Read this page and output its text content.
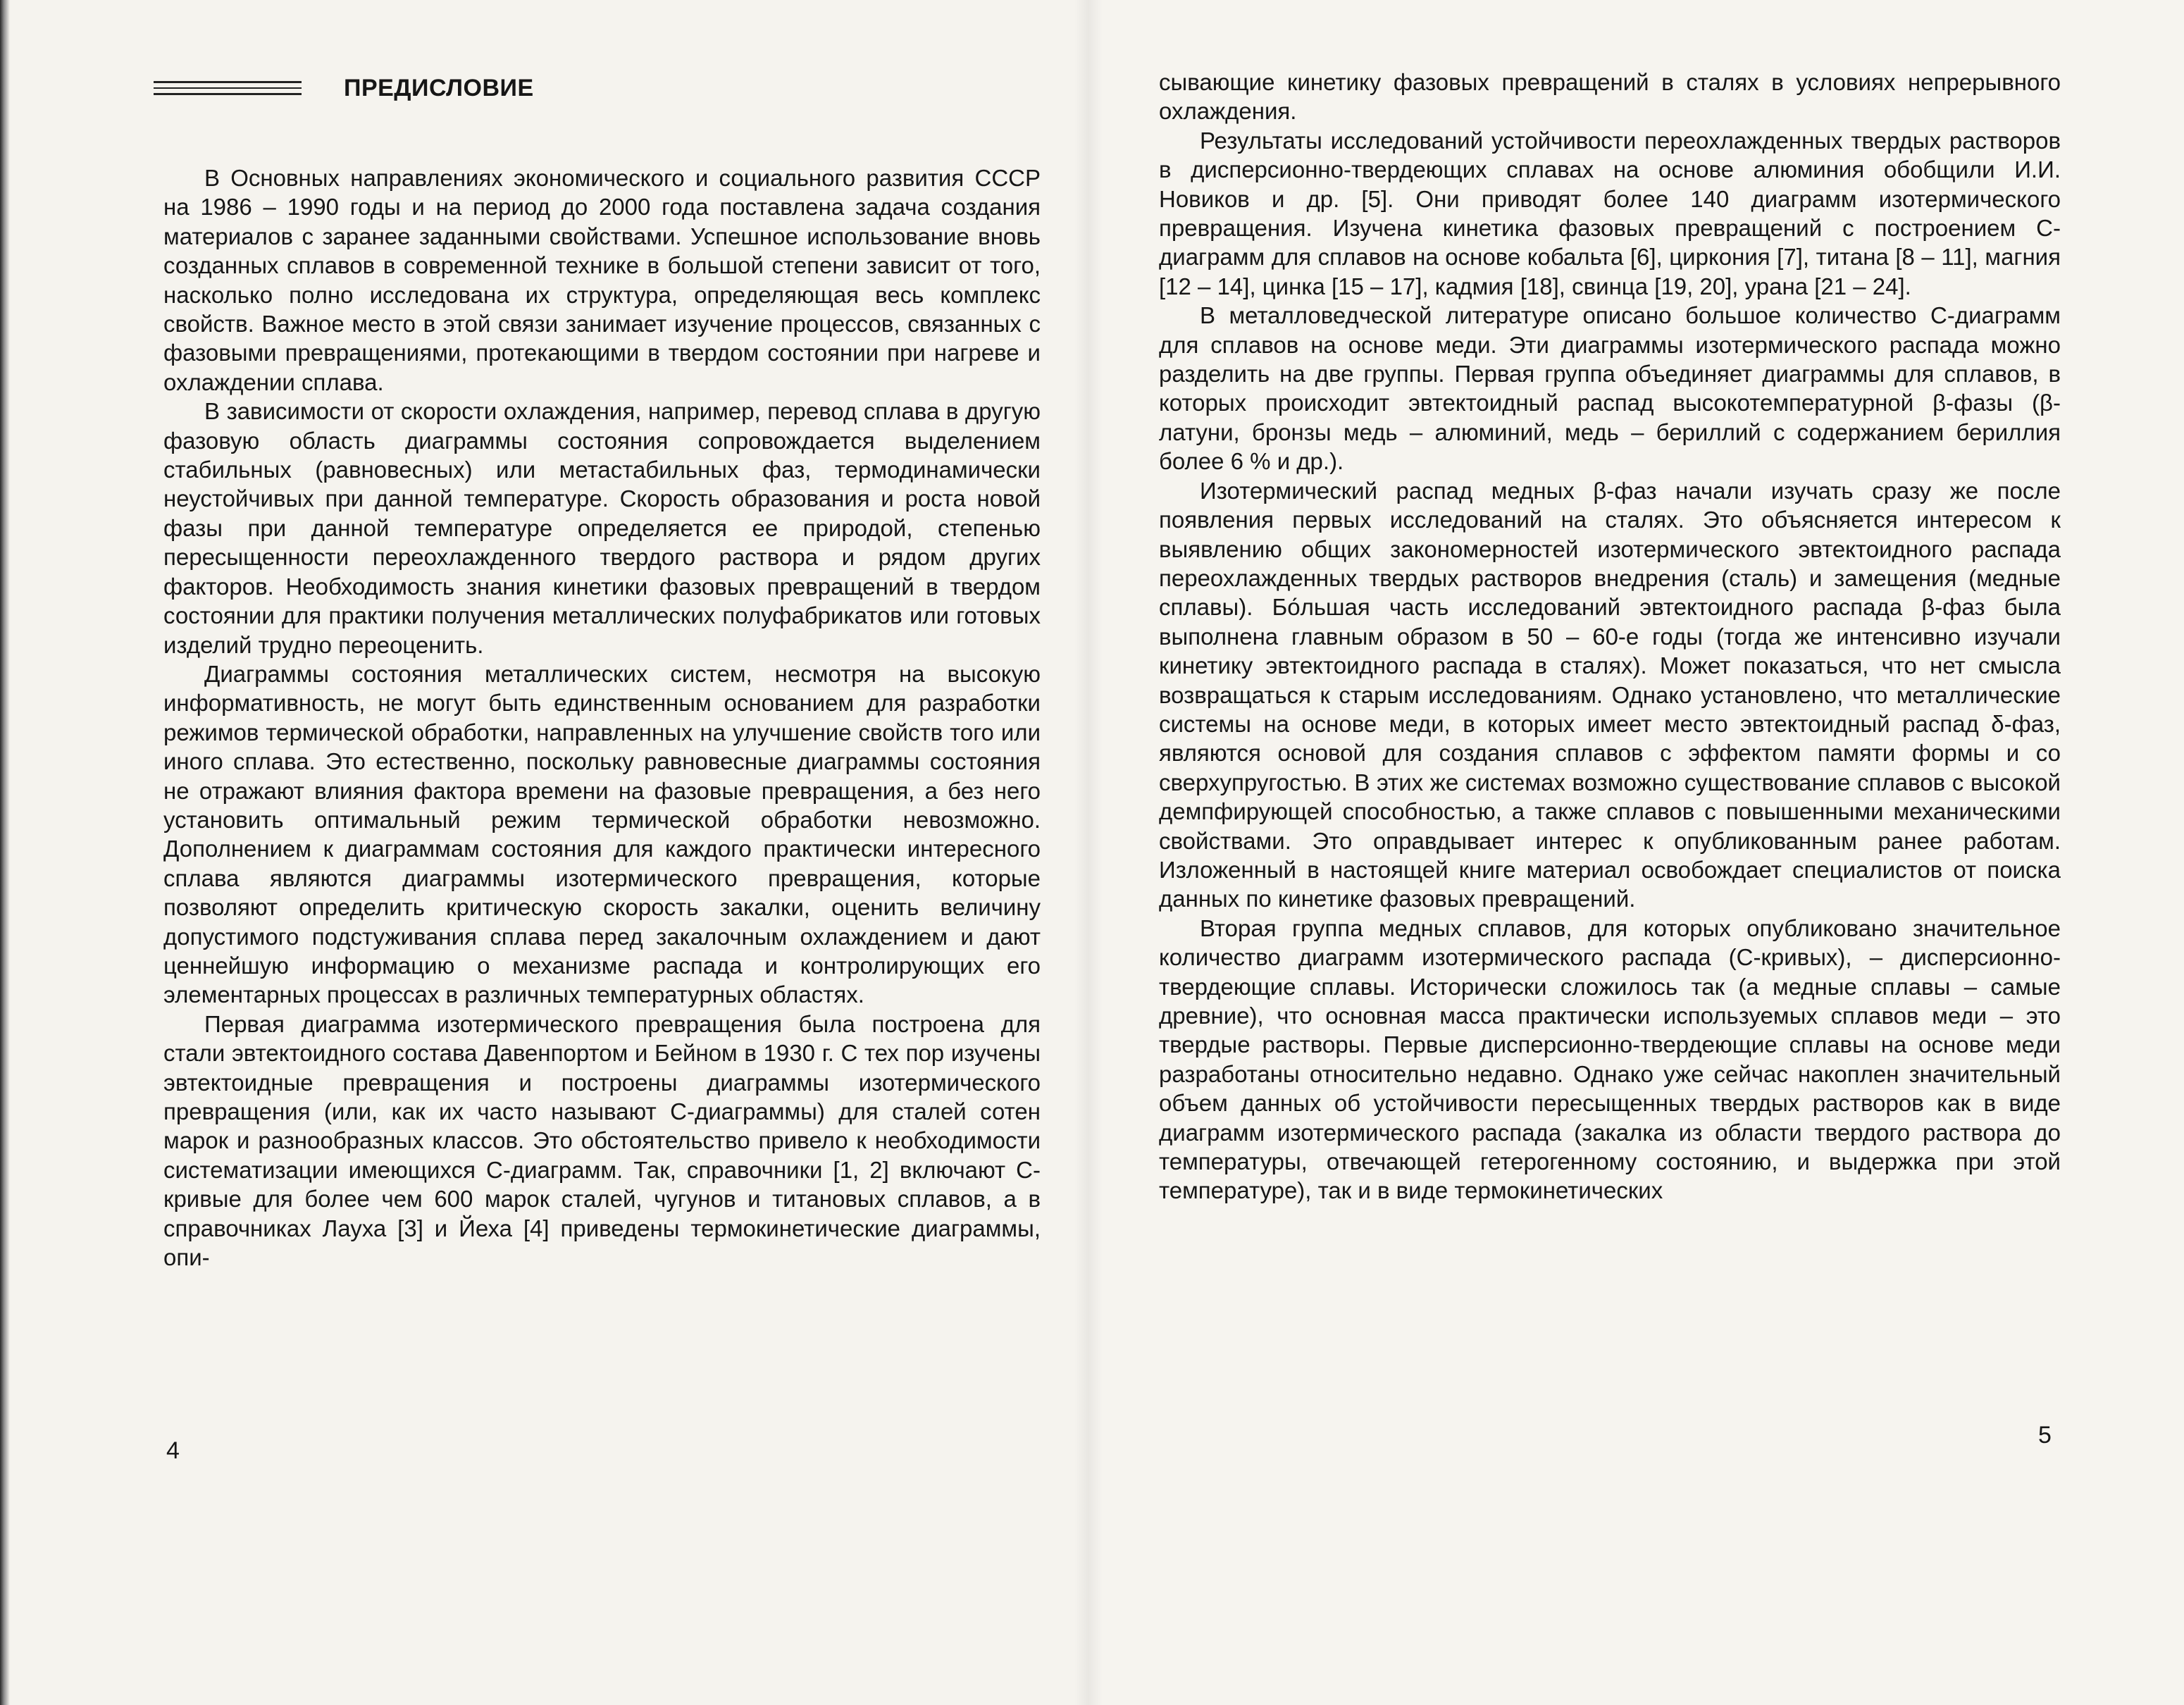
ПРЕДИСЛОВИЕ

В Основных направлениях экономического и социального развития СССР на 1986 – 1990 годы и на период до 2000 года поставлена задача создания материалов с заранее заданными свойствами. Успешное использование вновь созданных сплавов в современной технике в большой степени зависит от того, насколько полно исследована их структура, определяющая весь комплекс свойств. Важное место в этой связи занимает изучение процессов, связанных с фазовыми превращениями, протекающими в твердом состоянии при нагреве и охлаждении сплава.

В зависимости от скорости охлаждения, например, перевод сплава в другую фазовую область диаграммы состояния сопровождается выделением стабильных (равновесных) или метастабильных фаз, термодинамически неустойчивых при данной температуре. Скорость образования и роста новой фазы при данной температуре определяется ее природой, степенью пересыщенности переохлажденного твердого раствора и рядом других факторов. Необходимость знания кинетики фазовых превращений в твердом состоянии для практики получения металлических полуфабрикатов или готовых изделий трудно переоценить.

Диаграммы состояния металлических систем, несмотря на высокую информативность, не могут быть единственным основанием для разработки режимов термической обработки, направленных на улучшение свойств того или иного сплава. Это естественно, поскольку равновесные диаграммы состояния не отражают влияния фактора времени на фазовые превращения, а без него установить оптимальный режим термической обработки невозможно. Дополнением к диаграммам состояния для каждого практически интересного сплава являются диаграммы изотермического превращения, которые позволяют определить критическую скорость закалки, оценить величину допустимого подстуживания сплава перед закалочным охлаждением и дают ценнейшую информацию о механизме распада и контролирующих его элементарных процессах в различных температурных областях.

Первая диаграмма изотермического превращения была построена для стали эвтектоидного состава Давенпортом и Бейном в 1930 г. С тех пор изучены эвтектоидные превращения и построены диаграммы изотермического превращения (или, как их часто называют С-диаграммы) для сталей сотен марок и разнообразных классов. Это обстоятельство привело к необходимости систематизации имеющихся С-диаграмм. Так, справочники [1, 2] включают С-кривые для более чем 600 марок сталей, чугунов и титановых сплавов, а в справочниках Лауха [3] и Йеха [4] приведены термокинетические диаграммы, опи-

4

сывающие кинетику фазовых превращений в сталях в условиях непрерывного охлаждения.

Результаты исследований устойчивости переохлажденных твердых растворов в дисперсионно-твердеющих сплавах на основе алюминия обобщили И.И. Новиков и др. [5]. Они приводят более 140 диаграмм изотермического превращения. Изучена кинетика фазовых превращений с построением С-диаграмм для сплавов на основе кобальта [6], циркония [7], титана [8 – 11], магния [12 – 14], цинка [15 – 17], кадмия [18], свинца [19, 20], урана [21 – 24].

В металловедческой литературе описано большое количество С-диаграмм для сплавов на основе меди. Эти диаграммы изотермического распада можно разделить на две группы. Первая группа объединяет диаграммы для сплавов, в которых происходит эвтектоидный распад высокотемпературной β-фазы (β-латуни, бронзы медь – алюминий, медь – бериллий с содержанием бериллия более 6 % и др.).

Изотермический распад медных β-фаз начали изучать сразу же после появления первых исследований на сталях. Это объясняется интересом к выявлению общих закономерностей изотермического эвтектоидного распада переохлажденных твердых растворов внедрения (сталь) и замещения (медные сплавы). Бо́льшая часть исследований эвтектоидного распада β-фаз была выполнена главным образом в 50 – 60-е годы (тогда же интенсивно изучали кинетику эвтектоидного распада в сталях). Может показаться, что нет смысла возвращаться к старым исследованиям. Однако установлено, что металлические системы на основе меди, в которых имеет место эвтектоидный распад δ-фаз, являются основой для создания сплавов с эффектом памяти формы и со сверхупругостью. В этих же системах возможно существование сплавов с высокой демпфирующей способностью, а также сплавов с повышенными механическими свойствами. Это оправдывает интерес к опубликованным ранее работам. Изложенный в настоящей книге материал освобождает специалистов от поиска данных по кинетике фазовых превращений.

Вторая группа медных сплавов, для которых опубликовано значительное количество диаграмм изотермического распада (С-кривых), – дисперсионно-твердеющие сплавы. Исторически сложилось так (а медные сплавы – самые древние), что основная масса практически используемых сплавов меди – это твердые растворы. Первые дисперсионно-твердеющие сплавы на основе меди разработаны относительно недавно. Однако уже сейчас накоплен значительный объем данных об устойчивости пересыщенных твердых растворов как в виде диаграмм изотермического распада (закалка из области твердого раствора до температуры, отвечающей гетерогенному состоянию, и выдержка при этой температуре), так и в виде термокинетических

5
